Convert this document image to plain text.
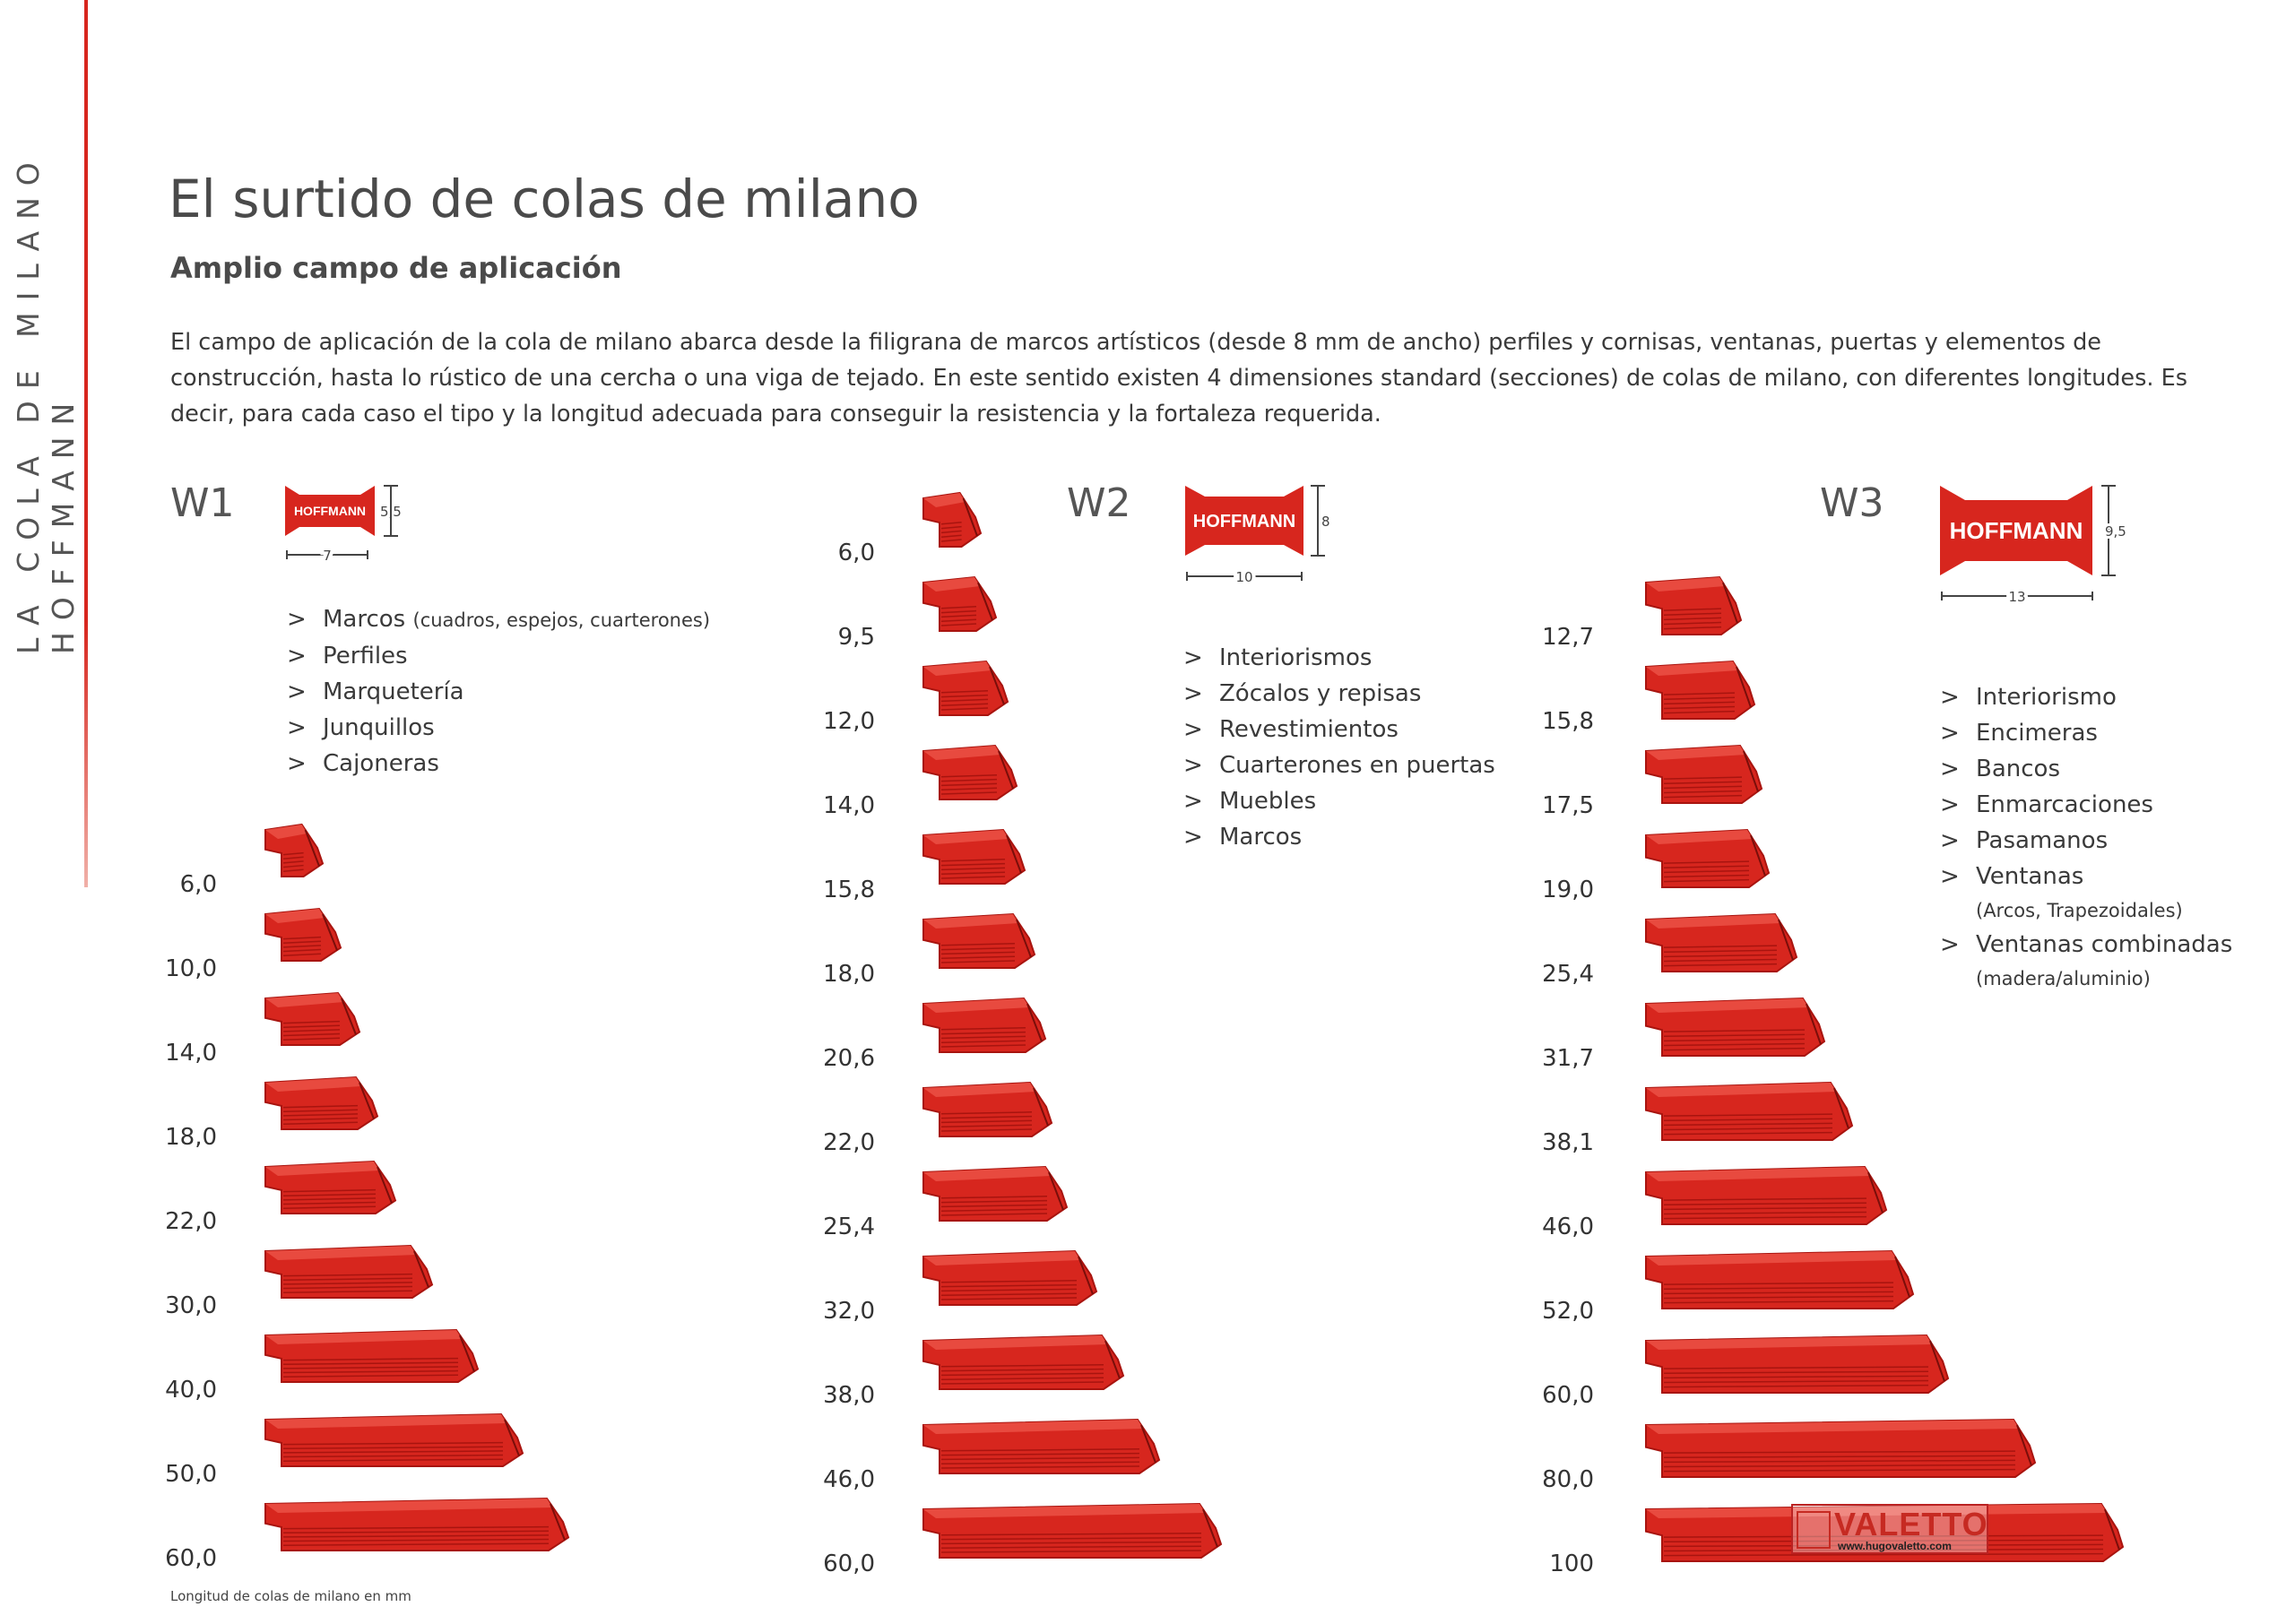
LA COLA DE MILANO HOFFMANN
El surtido de colas de milano
Amplio campo de aplicación

El campo de aplicación de la cola de milano abarca desde la filigrana de marcos artísticos (desde 8 mm de ancho) perfiles y cornisas, ventanas, puertas y elementos de construcción, hasta lo rústico de una cercha o una viga de tejado. En este sentido existen 4 dimensiones standard (secciones) de colas de milano, con diferentes longitudes. Es decir, para cada caso el tipo y la longitud adecuada para conseguir la resistencia y la fortaleza requerida.

W1	HOFFMANN 5,5
7
> Marcos (cuadros, espejos, cuarterones)
> Perfiles
> Marquetería
> Junquillos
> Cajoneras
6,0
10,0
14,0
18,0
22,0
30,0
40,0
50,0
60,0
W2	HOFFMANN 8
10
> Interiorismos
> Zócalos y repisas
> Revestimientos
> Cuarterones en puertas
> Muebles
> Marcos
6,0
9,5
12,0
14,0
15,8
18,0
20,6
22,0
25,4
32,0
38,0
46,0
60,0
W3
HOFFMANN 9,5
13
> Interiorismo
> Encimeras
> Bancos
> Enmarcaciones
> Pasamanos
> Ventanas
(Arcos, Trapezoidales)
> Ventanas combinadas
(madera/aluminio)
12,7
15,8
17,5
19,0
25,4
31,7
38,1
46,0
52,0
60,0
80,0
100
Longitud de colas de milano en mm
VALETTO
www.hugovaletto.com
